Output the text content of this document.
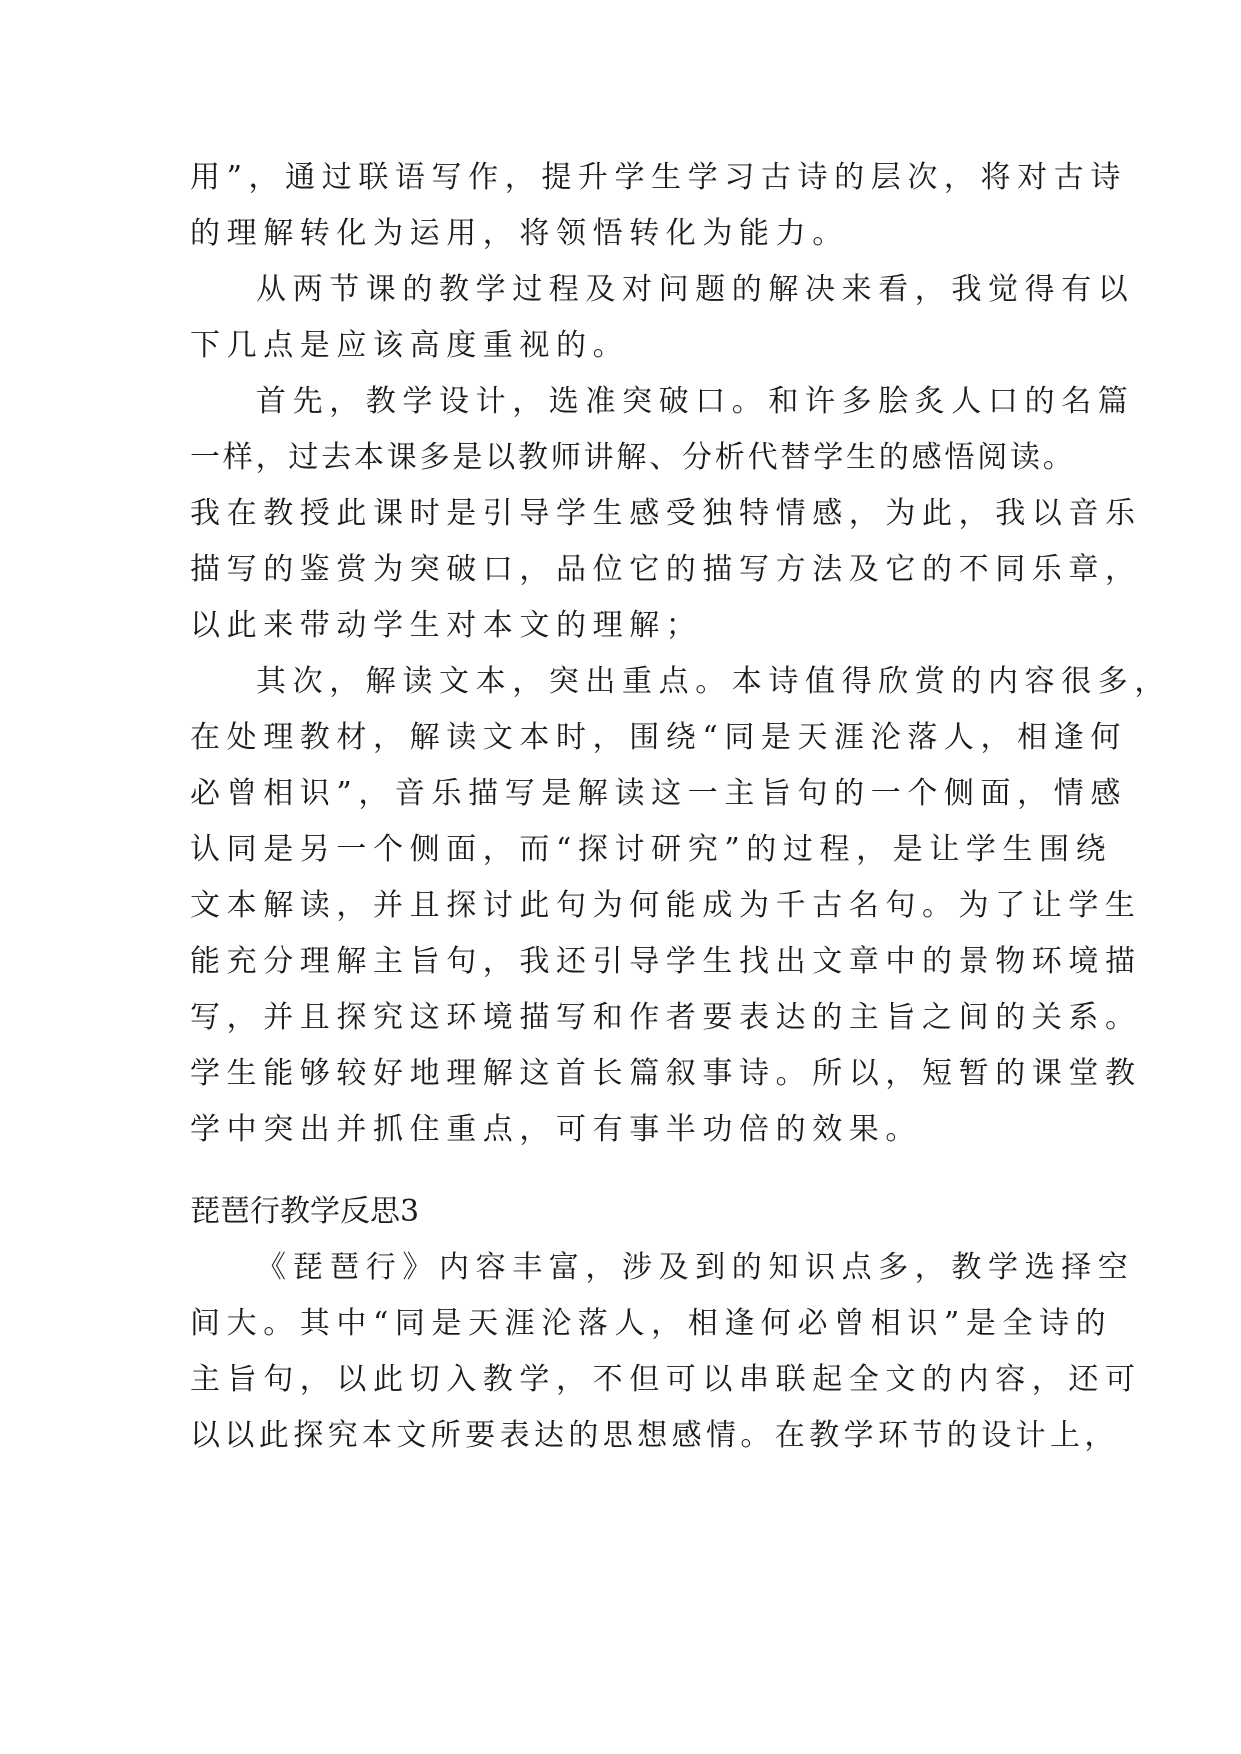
用”，通过联语写作，提升学生学习古诗的层次，将对古诗
的理解转化为运用，将领悟转化为能力。
从两节课的教学过程及对问题的解决来看，我觉得有以
下几点是应该高度重视的。
首先，教学设计，选准突破口。和许多脍炙人口的名篇
一样，过去本课多是以教师讲解、分析代替学生的感悟阅读。
我在教授此课时是引导学生感受独特情感，为此，我以音乐
描写的鉴赏为突破口，品位它的描写方法及它的不同乐章，
以此来带动学生对本文的理解；
其次，解读文本，突出重点。本诗值得欣赏的内容很多，
在处理教材，解读文本时，围绕“同是天涯沦落人，相逢何
必曾相识”，音乐描写是解读这一主旨句的一个侧面，情感
认同是另一个侧面，而“探讨研究”的过程，是让学生围绕
文本解读，并且探讨此句为何能成为千古名句。为了让学生
能充分理解主旨句，我还引导学生找出文章中的景物环境描
写，并且探究这环境描写和作者要表达的主旨之间的关系。
学生能够较好地理解这首长篇叙事诗。所以，短暂的课堂教
学中突出并抓住重点，可有事半功倍的效果。
琵琶行教学反思3
《琵琶行》内容丰富，涉及到的知识点多，教学选择空
间大。其中“同是天涯沦落人，相逢何必曾相识”是全诗的
主旨句，以此切入教学，不但可以串联起全文的内容，还可
以以此探究本文所要表达的思想感情。在教学环节的设计上，
